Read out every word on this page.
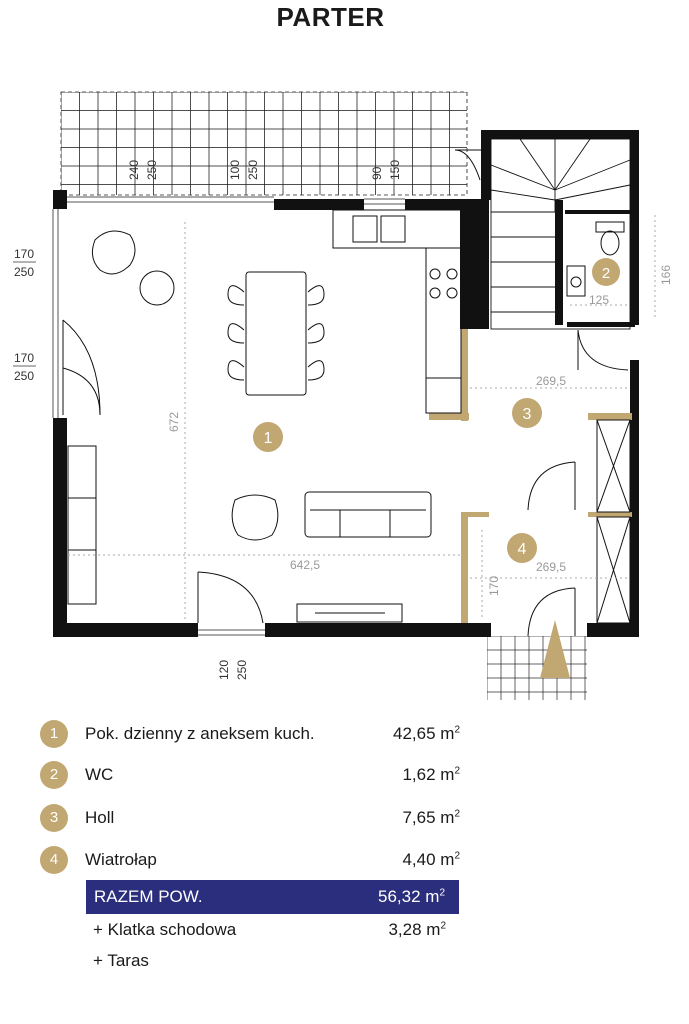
PARTER
240 250	100 250	90 150
170
250
170
250
120 250
672
642,5
269,5
269,5
170
125
166
1
2
3
4
1	Pok. dzienny z aneksem kuch.	42,65 $m^2$
2	WC	1,62 $m^2$
3	Holl	7,65 $m^2$
4	Wiatrołap	4,40 $m^2$
RAZEM POW.	56,32 $m^2$
+ Klatka schodowa	3,28 $m^2$
+ Taras
